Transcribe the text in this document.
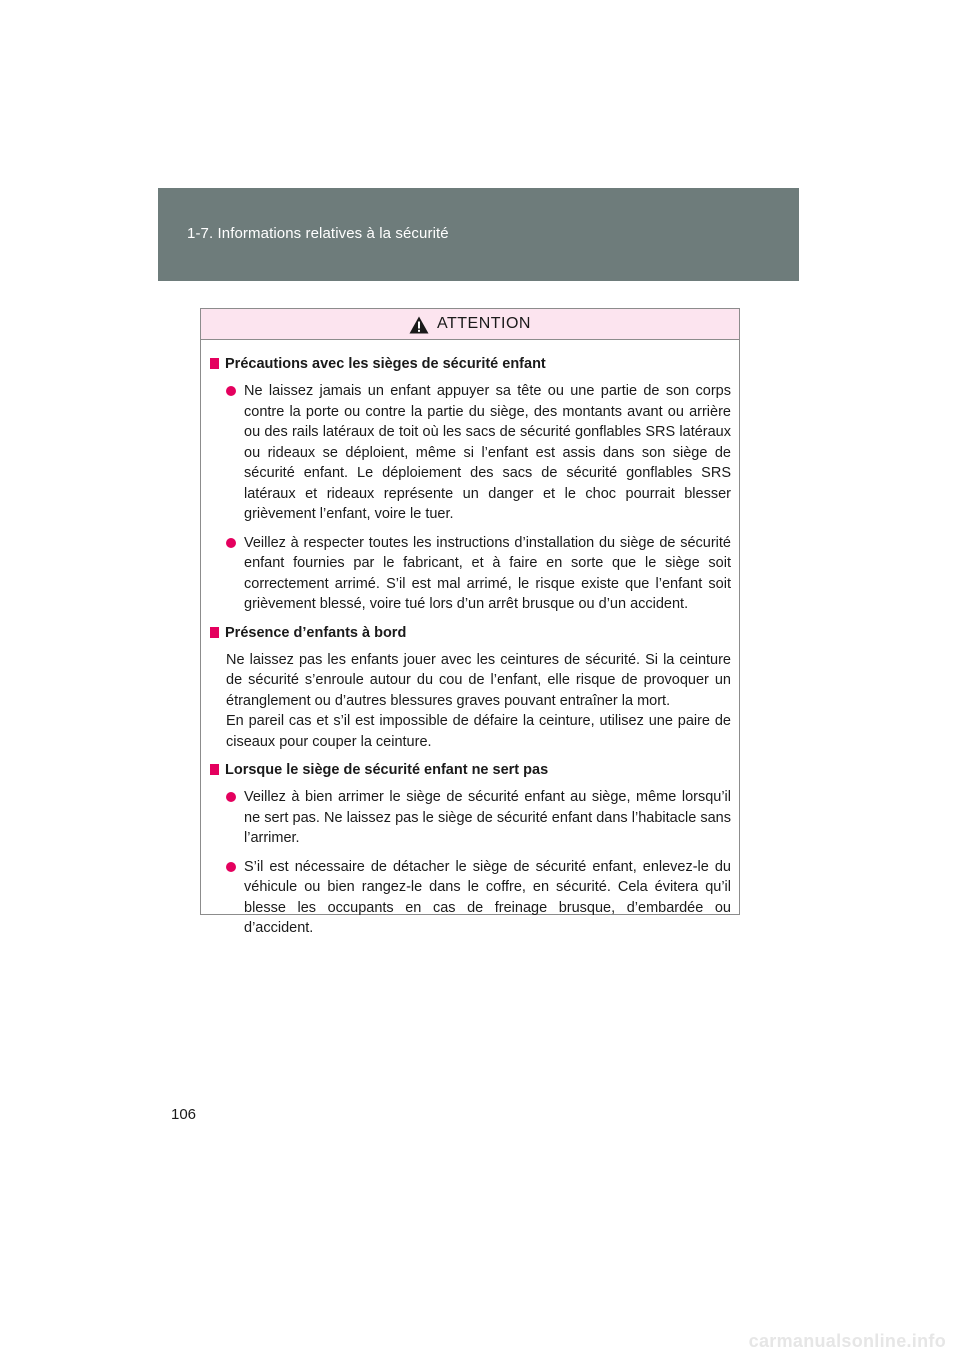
1-7. Informations relatives à la sécurité
ATTENTION
Précautions avec les sièges de sécurité enfant

Ne laissez jamais un enfant appuyer sa tête ou une partie de son corps contre la porte ou contre la partie du siège, des montants avant ou arrière ou des rails latéraux de toit où les sacs de sécurité gonflables SRS latéraux ou rideaux se déploient, même si l’enfant est assis dans son siège de sécurité enfant. Le déploiement des sacs de sécurité gonflables SRS latéraux et rideaux représente un danger et le choc pourrait blesser grièvement l’enfant, voire le tuer.

Veillez à respecter toutes les instructions d’installation du siège de sécurité enfant fournies par le fabricant, et à faire en sorte que le siège soit correctement arrimé. S’il est mal arrimé, le risque existe que l’enfant soit grièvement blessé, voire tué lors d’un arrêt brusque ou d’un accident.

Présence d’enfants à bord

Ne laissez pas les enfants jouer avec les ceintures de sécurité. Si la ceinture de sécurité s’enroule autour du cou de l’enfant, elle risque de provoquer un étranglement ou d’autres blessures graves pouvant entraîner la mort.

En pareil cas et s’il est impossible de défaire la ceinture, utilisez une paire de ciseaux pour couper la ceinture.

Lorsque le siège de sécurité enfant ne sert pas

Veillez à bien arrimer le siège de sécurité enfant au siège, même lorsqu’il ne sert pas. Ne laissez pas le siège de sécurité enfant dans l’habitacle sans l’arrimer.

S’il est nécessaire de détacher le siège de sécurité enfant, enlevez-le du véhicule ou bien rangez-le dans le coffre, en sécurité. Cela évitera qu’il blesse les occupants en cas de freinage brusque, d’embardée ou d’accident.

106
carmanualsonline.info
